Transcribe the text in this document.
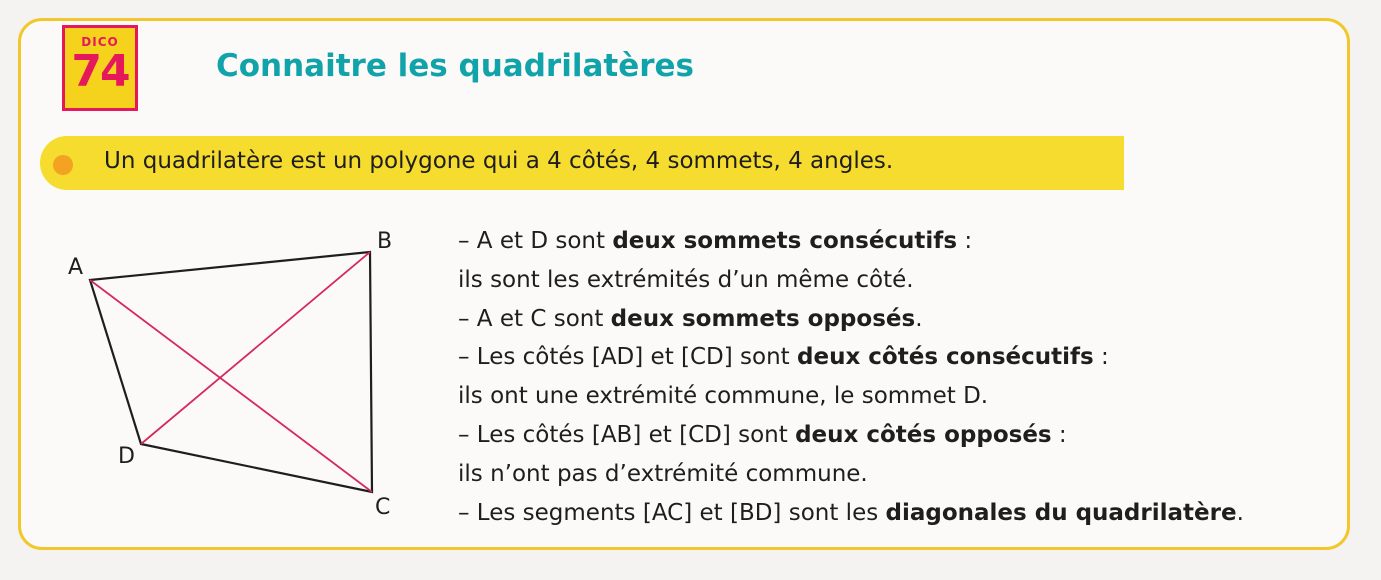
DICO
74	Connaitre les quadrilatères
Un quadrilatère est un polygone qui a 4 côtés, 4 sommets, 4 angles.
A
B
C
D
– A et D sont deux sommets consécutifs :
ils sont les extrémités d’un même côté.
– A et C sont deux sommets opposés.
– Les côtés [AD] et [CD] sont deux côtés consécutifs :
ils ont une extrémité commune, le sommet D.
– Les côtés [AB] et [CD] sont deux côtés opposés :
ils n’ont pas d’extrémité commune.
– Les segments [AC] et [BD] sont les diagonales du quadrilatère.
